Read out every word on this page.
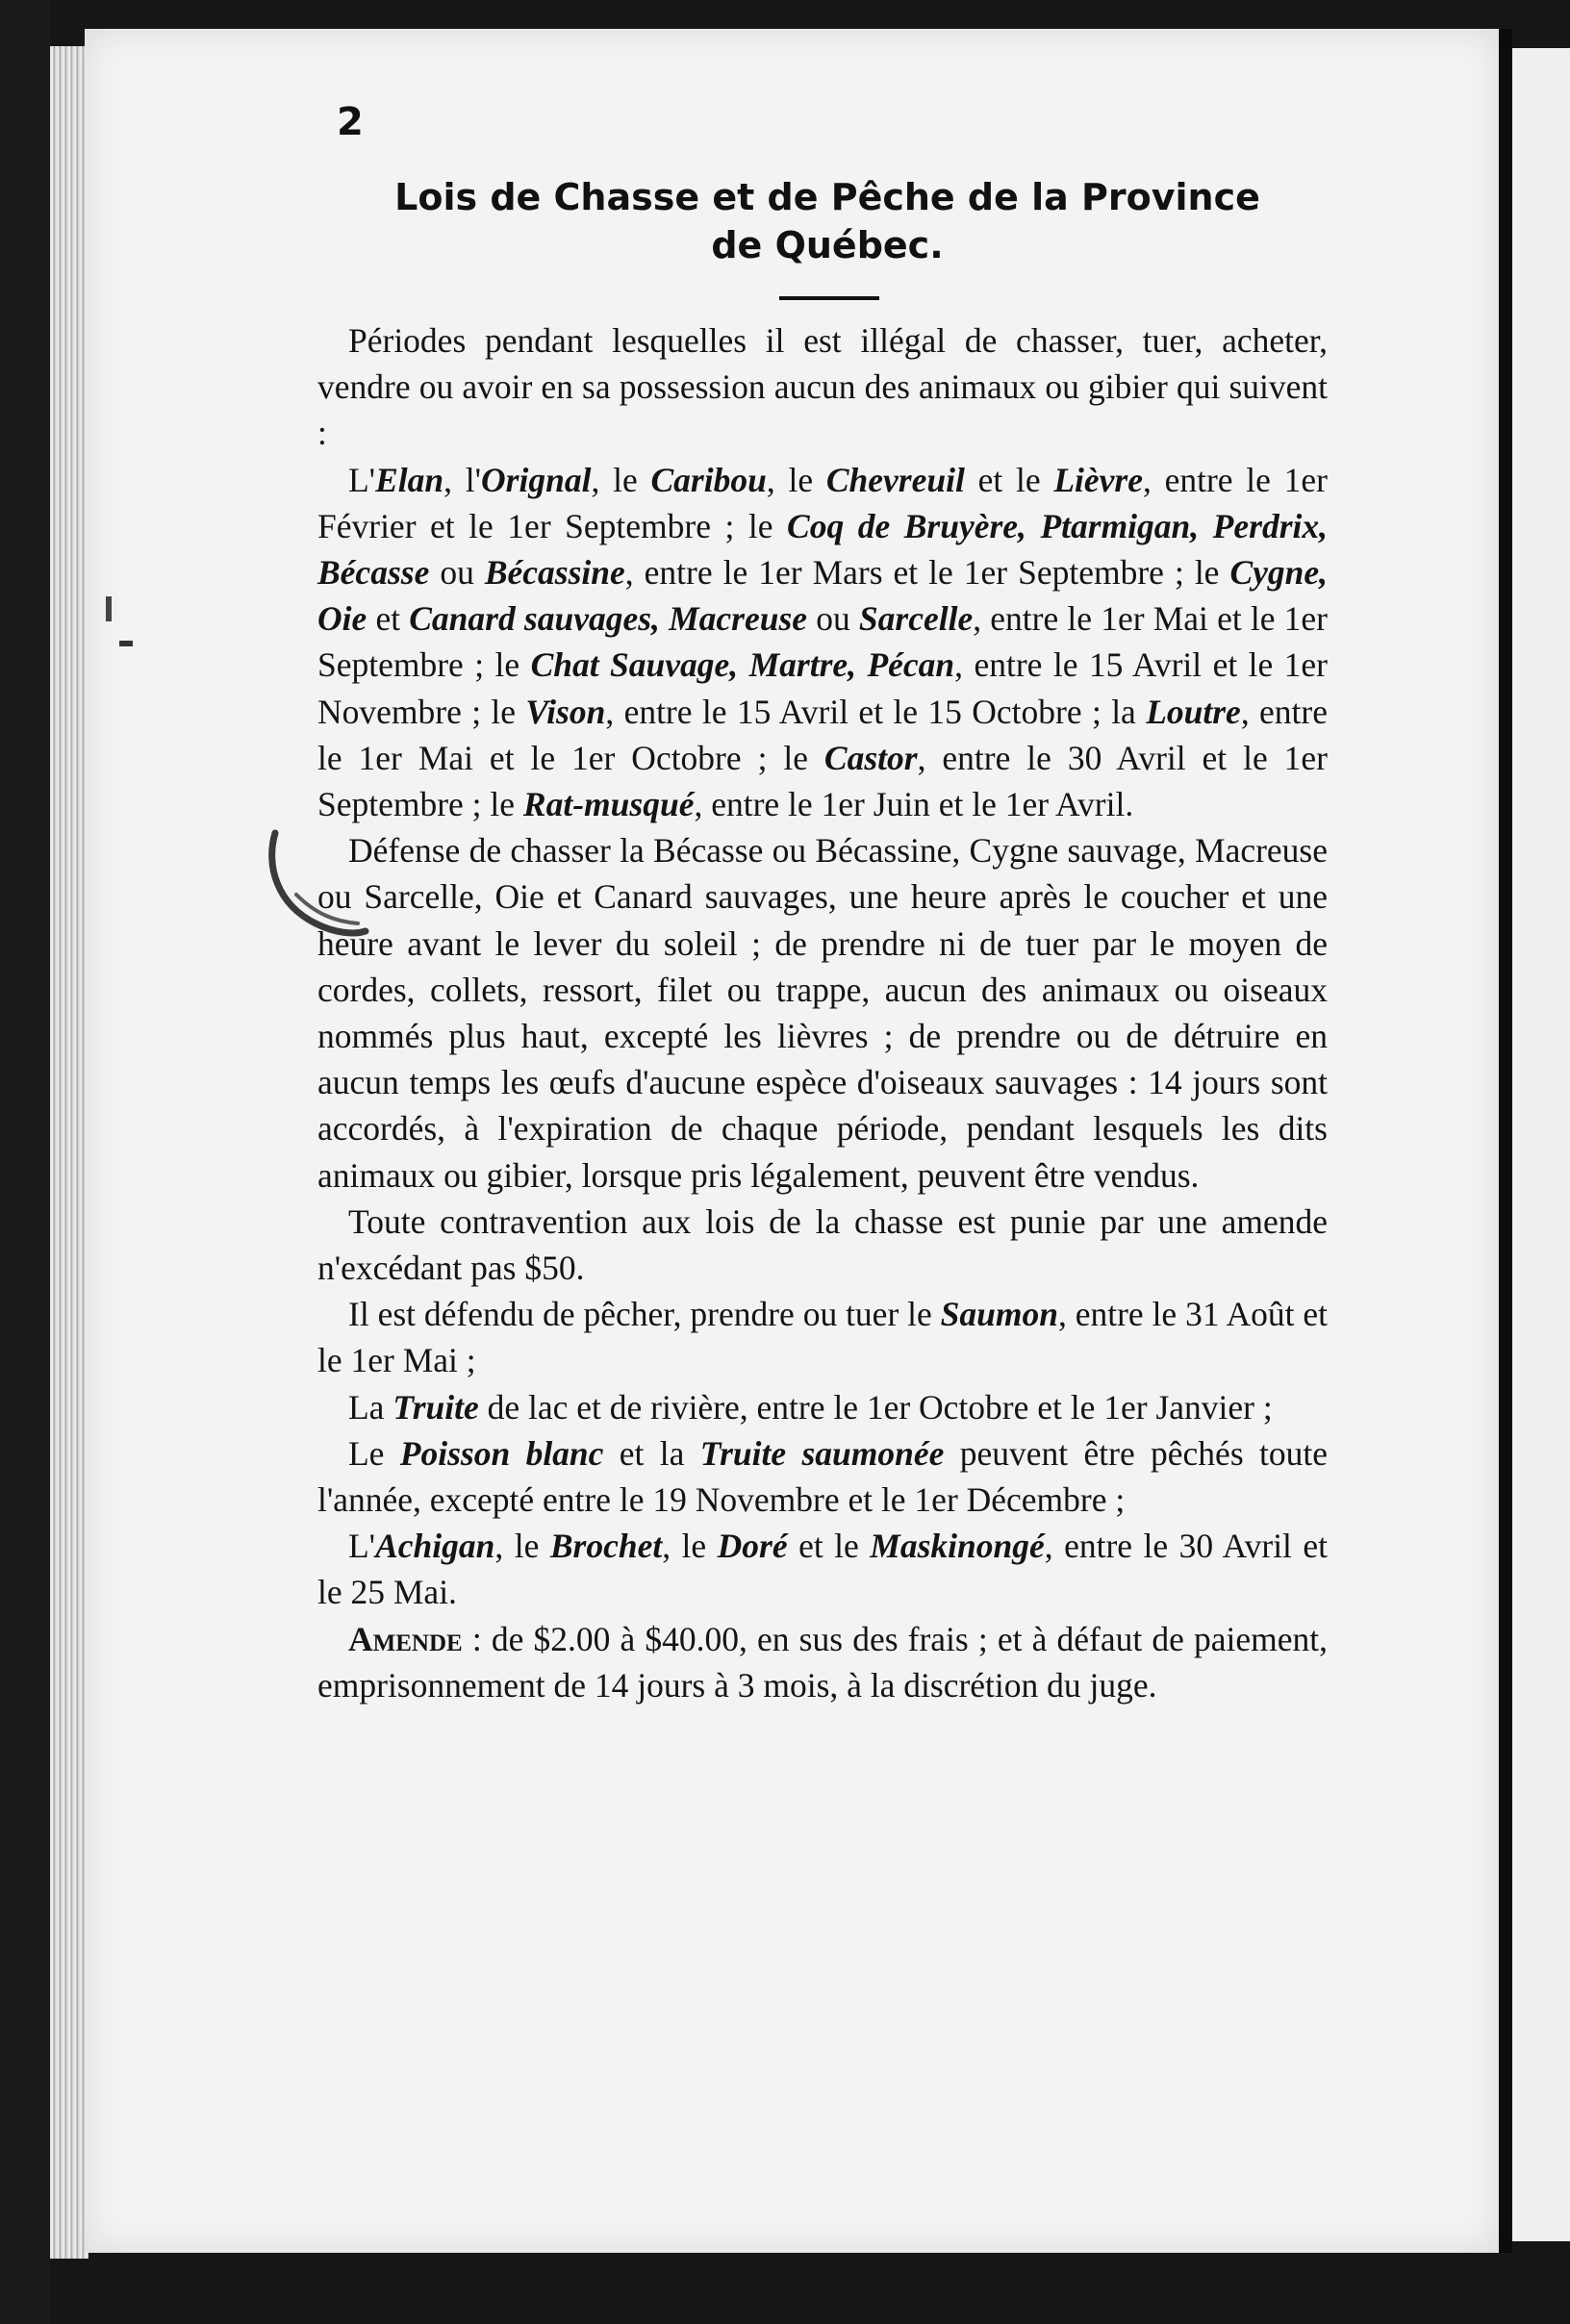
2
Lois de Chasse et de Pêche de la Province
de Québec.

Périodes pendant lesquelles il est illégal de chasser, tuer, acheter, vendre ou avoir en sa possession aucun des animaux ou gibier qui suivent :

L'Elan, l'Orignal, le Caribou, le Chevreuil et le Lièvre, entre le 1er Février et le 1er Septembre ; le Coq de Bruyère, Ptarmigan, Perdrix, Bécasse ou Bécassine, entre le 1er Mars et le 1er Septembre ; le Cygne, Oie et Canard sauvages, Macreuse ou Sarcelle, entre le 1er Mai et le 1er Septembre ; le Chat Sauvage, Martre, Pécan, entre le 15 Avril et le 1er Novembre ; le Vison, entre le 15 Avril et le 15 Octobre ; la Loutre, entre le 1er Mai et le 1er Octobre ; le Castor, entre le 30 Avril et le 1er Septembre ; le Rat-musqué, entre le 1er Juin et le 1er Avril.

Défense de chasser la Bécasse ou Bécassine, Cygne sauvage, Macreuse ou Sarcelle, Oie et Canard sauvages, une heure après le coucher et une heure avant le lever du soleil ; de prendre ni de tuer par le moyen de cordes, collets, ressort, filet ou trappe, aucun des animaux ou oiseaux nommés plus haut, excepté les lièvres ; de prendre ou de détruire en aucun temps les œufs d'aucune espèce d'oiseaux sauvages : 14 jours sont accordés, à l'expiration de chaque période, pendant lesquels les dits animaux ou gibier, lorsque pris légalement, peuvent être vendus.

Toute contravention aux lois de la chasse est punie par une amende n'excédant pas $50.

Il est défendu de pêcher, prendre ou tuer le Saumon, entre le 31 Août et le 1er Mai ;

La Truite de lac et de rivière, entre le 1er Octobre et le 1er Janvier ;

Le Poisson blanc et la Truite saumonée peuvent être pêchés toute l'année, excepté entre le 19 Novembre et le 1er Décembre ;

L'Achigan, le Brochet, le Doré et le Maskinongé, entre le 30 Avril et le 25 Mai.

Amende : de $2.00 à $40.00, en sus des frais ; et à défaut de paiement, emprisonnement de 14 jours à 3 mois, à la discrétion du juge.
